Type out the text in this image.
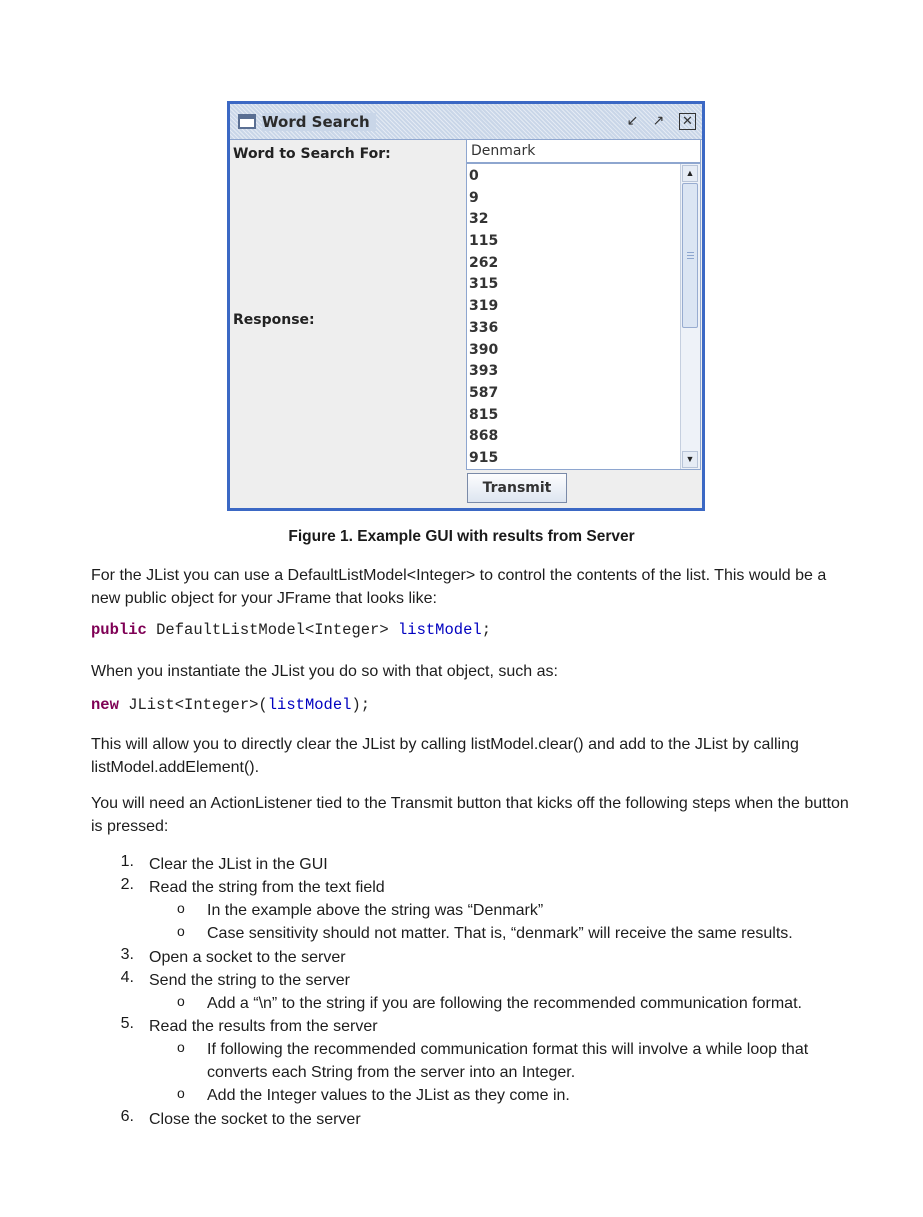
Word Search	↙ ↗ ✕
Word to Search For:
Denmark
Response:
0
9
32
115
262
315
319
336
390
393
587
815
868
915
▲
▼
Transmit
Figure 1. Example GUI with results from Server
For the JList you can use a DefaultListModel<Integer> to control the contents of the list. This would be a new public object for your JFrame that looks like:
public DefaultListModel<Integer> listModel;
When you instantiate the JList you do so with that object, such as:
new JList<Integer>(listModel);
This will allow you to directly clear the JList by calling listModel.clear() and add to the JList by calling listModel.addElement().
You will need an ActionListener tied to the Transmit button that kicks off the following steps when the button is pressed:
1. Clear the JList in the GUI
2. Read the string from the text field
o In the example above the string was “Denmark”
o Case sensitivity should not matter. That is, “denmark” will receive the same results.
3. Open a socket to the server
4. Send the string to the server
o Add a “\n” to the string if you are following the recommended communication format.
5. Read the results from the server
o If following the recommended communication format this will involve a while loop that converts each String from the server into an Integer.
o Add the Integer values to the JList as they come in.
6. Close the socket to the server
